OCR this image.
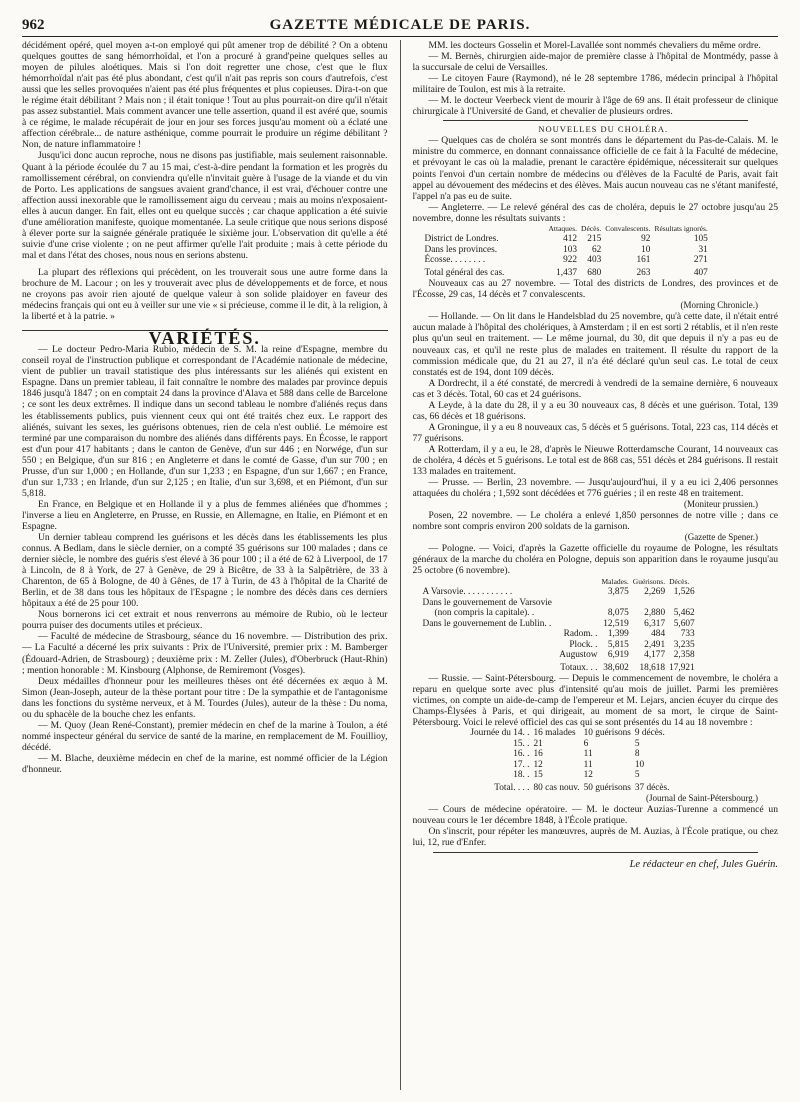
962	GAZETTE MÉDICALE DE PARIS.

décidément opéré, quel moyen a-t-on employé qui pût amener trop de débilité ? On a obtenu quelques gouttes de sang hémorrhoïdal, et l'on a procuré à grand'peine quelques selles au moyen de pilules aloétiques. Mais si l'on doit regretter une chose, c'est que le flux hémorrhoïdal n'ait pas été plus abondant, c'est qu'il n'ait pas repris son cours d'autrefois, c'est aussi que les selles provoquées n'aient pas été plus fréquentes et plus copieuses. Dira-t-on que le régime était débilitant ? Mais non ; il était tonique ! Tout au plus pourrait-on dire qu'il n'était pas assez substantiel. Mais comment avancer une telle assertion, quand il est avéré que, soumis à ce régime, le malade récupérait de jour en jour ses forces jusqu'au moment où a éclaté une affection cérébrale... de nature asthénique, comme pourrait le produire un régime débilitant ? Non, de nature inflammatoire !

Jusqu'ici donc aucun reproche, nous ne disons pas justifiable, mais seulement raisonnable. Quant à la période écoulée du 7 au 15 mai, c'est-à-dire pendant la formation et les progrès du ramollissement cérébral, on conviendra qu'elle n'invitait guère à l'usage de la viande et du vin de Porto. Les applications de sangsues avaient grand'chance, il est vrai, d'échouer contre une affection aussi inexorable que le ramollissement aigu du cerveau ; mais au moins n'exposaient-elles à aucun danger. En fait, elles ont eu quelque succès ; car chaque application a été suivie d'une amélioration manifeste, quoique momentanée. La seule critique que nous serions disposé à élever porte sur la saignée générale pratiquée le sixième jour. L'observation dit qu'elle a été suivie d'une crise violente ; on ne peut affirmer qu'elle l'ait produite ; mais à cette période du mal et dans l'état des choses, nous nous en serions abstenu.

La plupart des réflexions qui précèdent, on les trouverait sous une autre forme dans la brochure de M. Lacour ; on les y trouverait avec plus de développements et de force, et nous ne croyons pas avoir rien ajouté de quelque valeur à son solide plaidoyer en faveur des médecins français qui ont eu à veiller sur une vie « si précieuse, comme il le dit, à la religion, à la liberté et à la patrie. »

VARIÉTÉS.

— Le docteur Pedro-Maria Rubio, médecin de S. M. la reine d'Espagne, membre du conseil royal de l'instruction publique et correspondant de l'Académie nationale de médecine, vient de publier un travail statistique des plus intéressants sur les aliénés qui existent en Espagne. Dans un premier tableau, il fait connaître le nombre des malades par province depuis 1846 jusqu'à 1847 ; on en comptait 24 dans la province d'Alava et 588 dans celle de Barcelone ; ce sont les deux extrêmes. Il indique dans un second tableau le nombre d'aliénés reçus dans les établissements publics, puis viennent ceux qui ont été traités chez eux. Le rapport des aliénés, suivant les sexes, les guérisons obtenues, rien de cela n'est oublié. Le mémoire est terminé par une comparaison du nombre des aliénés dans différents pays. En Écosse, le rapport est d'un pour 417 habitants ; dans le canton de Genève, d'un sur 446 ; en Norwége, d'un sur 550 ; en Belgique, d'un sur 816 ; en Angleterre et dans le comté de Gasse, d'un sur 700 ; en Prusse, d'un sur 1,000 ; en Hollande, d'un sur 1,233 ; en Espagne, d'un sur 1,667 ; en France, d'un sur 1,733 ; en Irlande, d'un sur 2,125 ; en Italie, d'un sur 3,698, et en Piémont, d'un sur 5,818.

En France, en Belgique et en Hollande il y a plus de femmes aliénées que d'hommes ; l'inverse a lieu en Angleterre, en Prusse, en Russie, en Allemagne, en Italie, en Piémont et en Espagne.

Un dernier tableau comprend les guérisons et les décès dans les établissements les plus connus. A Bedlam, dans le siècle dernier, on a compté 35 guérisons sur 100 malades ; dans ce dernier siècle, le nombre des guéris s'est élevé à 36 pour 100 ; il a été de 62 à Liverpool, de 17 à Lincoln, de 8 à York, de 27 à Genève, de 29 à Bicêtre, de 33 à la Salpêtrière, de 33 à Charenton, de 65 à Bologne, de 40 à Gênes, de 17 à Turin, de 43 à l'hôpital de la Charité de Berlin, et de 38 dans tous les hôpitaux de l'Espagne ; le nombre des décès dans ces derniers hôpitaux a été de 25 pour 100.

Nous bornerons ici cet extrait et nous renverrons au mémoire de Rubio, où le lecteur pourra puiser des documents utiles et précieux.

— Faculté de médecine de Strasbourg, séance du 16 novembre. — Distribution des prix. — La Faculté a décerné les prix suivants : Prix de l'Université, premier prix : M. Bamberger (Édouard-Adrien, de Strasbourg) ; deuxième prix : M. Zeller (Jules), d'Oberbruck (Haut-Rhin) ; mention honorable : M. Kinsbourg (Alphonse, de Remiremont (Vosges).

Deux médailles d'honneur pour les meilleures thèses ont été décernées ex æquo à M. Simon (Jean-Joseph, auteur de la thèse portant pour titre : De la sympathie et de l'antagonisme dans les fonctions du système nerveux, et à M. Tourdes (Jules), auteur de la thèse : Du noma, ou du sphacèle de la bouche chez les enfants.

— M. Quoy (Jean René-Constant), premier médecin en chef de la marine à Toulon, a été nommé inspecteur général du service de santé de la marine, en remplacement de M. Fouillioy, décédé.

— M. Blache, deuxième médecin en chef de la marine, est nommé officier de la Légion d'honneur.

MM. les docteurs Gosselin et Morel-Lavallée sont nommés chevaliers du même ordre.

— M. Bernès, chirurgien aide-major de première classe à l'hôpital de Montmédy, passe à la succursale de celui de Versailles.

— Le citoyen Faure (Raymond), né le 28 septembre 1786, médecin principal à l'hôpital militaire de Toulon, est mis à la retraite.

— M. le docteur Veerbeck vient de mourir à l'âge de 69 ans. Il était professeur de clinique chirurgicale à l'Université de Gand, et chevalier de plusieurs ordres.

NOUVELLES DU CHOLÉRA.

— Quelques cas de choléra se sont montrés dans le département du Pas-de-Calais. M. le ministre du commerce, en donnant connaissance officielle de ce fait à la Faculté de médecine, et prévoyant le cas où la maladie, prenant le caractère épidémique, nécessiterait sur quelques points l'envoi d'un certain nombre de médecins ou d'élèves de la Faculté de Paris, avait fait appel au dévouement des médecins et des élèves. Mais aucun nouveau cas ne s'étant manifesté, l'appel n'a pas eu de suite.

— Angleterre. — Le relevé général des cas de choléra, depuis le 27 octobre jusqu'au 25 novembre, donne les résultats suivants :

	Attaques.	Décès.	Convalescents.	Résultats ignorés.
District de Londres.	412	215	92	105
Dans les provinces.	103	62	10	31
Écosse. . . . . . . .	922	403	161	271
Total général des cas.	1,437	680	263	407

Nouveaux cas au 27 novembre. — Total des districts de Londres, des provinces et de l'Écosse, 29 cas, 14 décès et 7 convalescents.

(Morning Chronicle.)

— Hollande. — On lit dans le Handelsblad du 25 novembre, qu'à cette date, il n'était entré aucun malade à l'hôpital des cholériques, à Amsterdam ; il en est sorti 2 rétablis, et il n'en reste plus qu'un seul en traitement. — Le même journal, du 30, dit que depuis il n'y a pas eu de nouveaux cas, et qu'il ne reste plus de malades en traitement. Il résulte du rapport de la commission médicale que, du 21 au 27, il n'a été déclaré qu'un seul cas. Le total de ceux constatés est de 194, dont 109 décès.

A Dordrecht, il a été constaté, de mercredi à vendredi de la semaine dernière, 6 nouveaux cas et 3 décès. Total, 60 cas et 24 guérisons.

A Leyde, à la date du 28, il y a eu 30 nouveaux cas, 8 décès et une guérison. Total, 139 cas, 66 décès et 18 guérisons.

A Groningue, il y a eu 8 nouveaux cas, 5 décès et 5 guérisons. Total, 223 cas, 114 décès et 77 guérisons.

A Rotterdam, il y a eu, le 28, d'après le Nieuwe Rotterdamsche Courant, 14 nouveaux cas de choléra, 4 décès et 5 guérisons. Le total est de 868 cas, 551 décès et 284 guérisons. Il restait 133 malades en traitement.

— Prusse. — Berlin, 23 novembre. — Jusqu'aujourd'hui, il y a eu ici 2,406 personnes attaquées du choléra ; 1,592 sont décédées et 776 guéries ; il en reste 48 en traitement.

(Moniteur prussien.)

Posen, 22 novembre. — Le choléra a enlevé 1,850 personnes de notre ville ; dans ce nombre sont compris environ 200 soldats de la garnison.

(Gazette de Spener.)

— Pologne. — Voici, d'après la Gazette officielle du royaume de Pologne, les résultats généraux de la marche du choléra en Pologne, depuis son apparition dans le royaume jusqu'au 25 octobre (6 novembre).

	Malades.	Guérisons.	Décès.
A Varsovie. . . . . . . . . . .	3,875	2,269	1,526
Dans le gouvernement de Varsovie			
(non compris la capitale). .	8,075	2,880	5,462
Dans le gouvernement de Lublin. .	12,519	6,317	5,607
Radom. .	1,399	484	733
Plock. .	5,815	2,491	3,235
Augustow	6,919	4,177	2,358
Totaux. . .	38,602	18,618	17,921

— Russie. — Saint-Pétersbourg. — Depuis le commencement de novembre, le choléra a reparu en quelque sorte avec plus d'intensité qu'au mois de juillet. Parmi les premières victimes, on compte un aide-de-camp de l'empereur et M. Lejars, ancien écuyer du cirque des Champs-Élysées à Paris, et qui dirigeait, au moment de sa mort, le cirque de Saint-Pétersbourg. Voici le relevé officiel des cas qui se sont présentés du 14 au 18 novembre :

Journée du 14. .	16 malades	10 guérisons	9 décès.
15. .	21	6	5
16. .	16	11	8
17. .	12	11	10
18. .	15	12	5
Total. . . .	80 cas nouv.	50 guérisons	37 décès.
(Journal de Saint-Pétersbourg.)

— Cours de médecine opératoire. — M. le docteur Auzias-Turenne a commencé un nouveau cours le 1er décembre 1848, à l'École pratique.

On s'inscrit, pour répéter les manœuvres, auprès de M. Auzias, à l'École pratique, ou chez lui, 12, rue d'Enfer.

Le rédacteur en chef, Jules Guérin.
